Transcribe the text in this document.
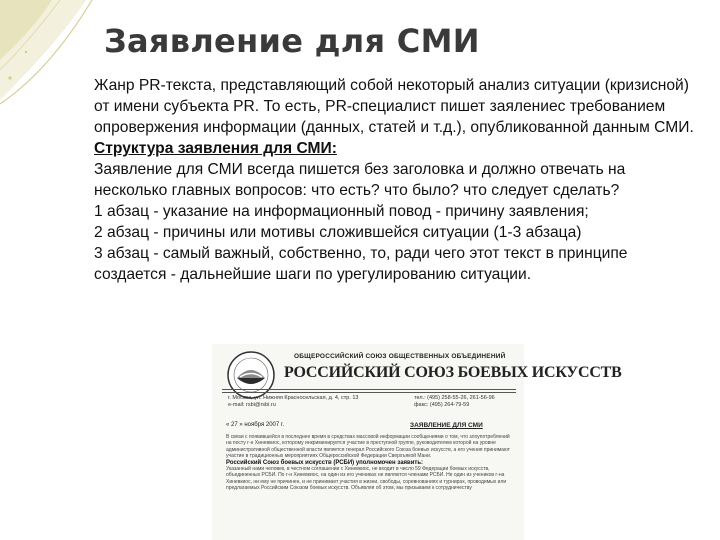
Заявление для СМИ

Жанр PR-текста, представляющий собой некоторый анализ ситуации (кризисной) от имени субъекта PR. То есть, PR-специалист пишет заялениес требованием опровержения информации (данных, статей и т.д.), опубликованной данным СМИ.

Структура заявления для СМИ:

Заявление для СМИ всегда пишется без заголовка и должно отвечать на несколько главных вопросов: что есть? что было? что следует сделать?

1 абзац - указание на информационный повод - причину заявления;

2 абзац - причины или мотивы сложившейся ситуации (1-3 абзаца)

3 абзац - самый важный, собственно, то, ради чего этот текст в принципе создается - дальнейшие шаги по урегулированию ситуации.

ОБЩЕРОССИЙСКИЙ СОЮЗ ОБЩЕСТВЕННЫХ ОБЪЕДИНЕНИЙ
РОССИЙСКИЙ СОЮЗ БОЕВЫХ ИСКУССТВ
г. Москва, ул. Нижняя Красносельская, д. 4, стр. 13
e-mail: rsbi@rsbi.ru
тел.: (495) 258-55-26, 261-56-96
факс: (495) 264-79-59
« 27 » ноября 2007 г.	ЗАЯВЛЕНИЕ ДЛЯ СМИ
В связи с появившейся в последнее время в средствах массовой информации сообщениями о том, что злоупотреблений на посту г-н Хиневкиос, которому инкриминируется участие в преступной группе, руководителем которой на уровне административной общественной власти является генерал Российского Союза боевых искусств, а его учения принимают участие в традиционных мероприятиях Общероссийской Федерации Сверхъякой Мани.
Российский Союз боевых искусств (РСБИ) уполномочен заявить:
Указанный нами человек, в честном соглашении с Хиневкиос, не входит в число 59 Федерации боевых искусств, объединенных РСБИ. По г-н Хиневкиос, на один из его учениках не являются членами РСБИ. Не один из учеников г-на Хиневкиос, ни ему не причинен, и не принимает участия в жизни, свободы, соревнованиях и турнирах, проводимых или предлагаемых Российским Союзом боевых искусств. Объявляя об этом, мы призываем к сотрудничеству
